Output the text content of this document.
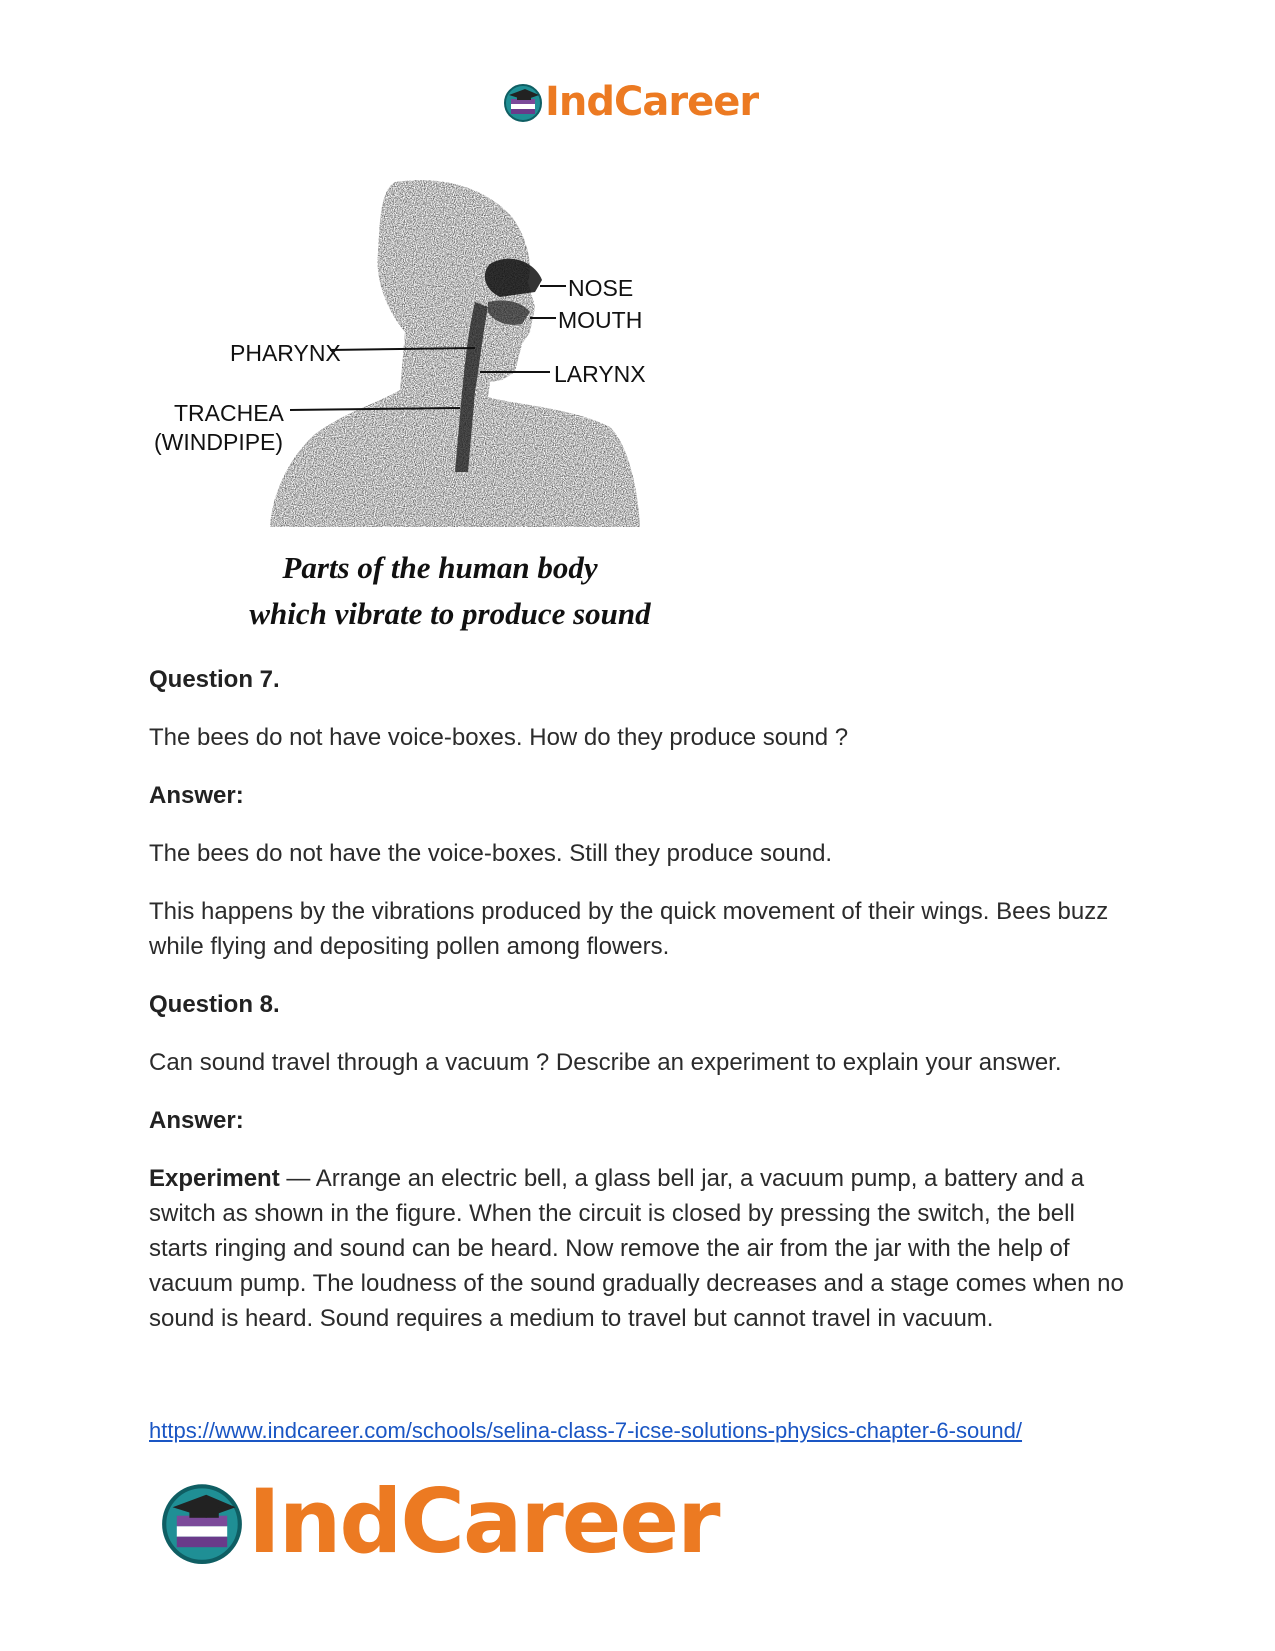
IndCareer
NOSE
MOUTH
LARYNX
PHARYNX
TRACHEA
(WINDPIPE)
Parts of the human body
which vibrate to produce sound

Question 7.

The bees do not have voice-boxes. How do they produce sound ?

Answer:

The bees do not have the voice-boxes. Still they produce sound.

This happens by the vibrations produced by the quick movement of their wings. Bees buzz while flying and depositing pollen among flowers.

Question 8.

Can sound travel through a vacuum ? Describe an experiment to explain your answer.

Answer:

Experiment — Arrange an electric bell, a glass bell jar, a vacuum pump, a battery and a switch as shown in the figure. When the circuit is closed by pressing the switch, the bell starts ringing and sound can be heard. Now remove the air from the jar with the help of vacuum pump. The loudness of the sound gradually decreases and a stage comes when no sound is heard. Sound requires a medium to travel but cannot travel in vacuum.

https://www.indcareer.com/schools/selina-class-7-icse-solutions-physics-chapter-6-sound/
IndCareer
